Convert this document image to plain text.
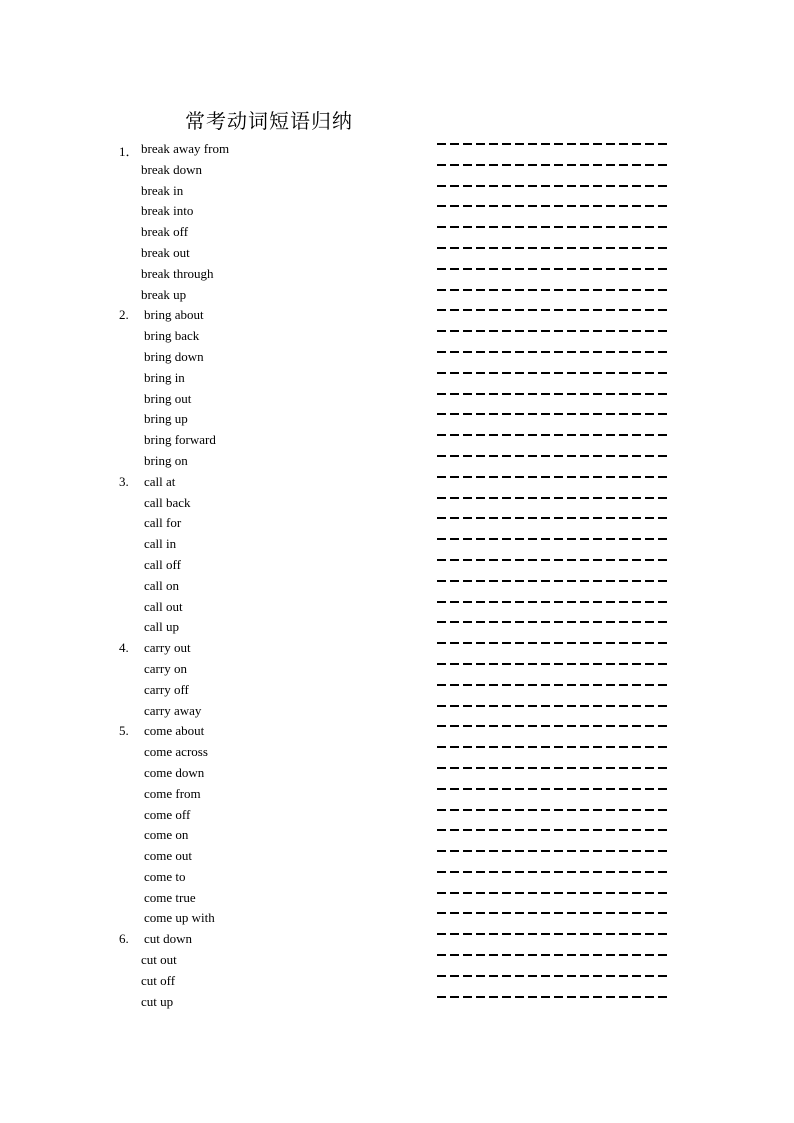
常考动词短语归纳
1． break away from
break down
break in
break into
break off
break out
break through
break up
2. bring about
bring back
bring down
bring in
bring out
bring up
bring forward
bring on
3. call at
call back
call for
call in
call off
call on
call out
call up
4. carry out
carry on
carry off
carry away
5. come about
come across
come down
come from
come off
come on
come out
come to
come true
come up with
6. cut down
cut out
cut off
cut up
